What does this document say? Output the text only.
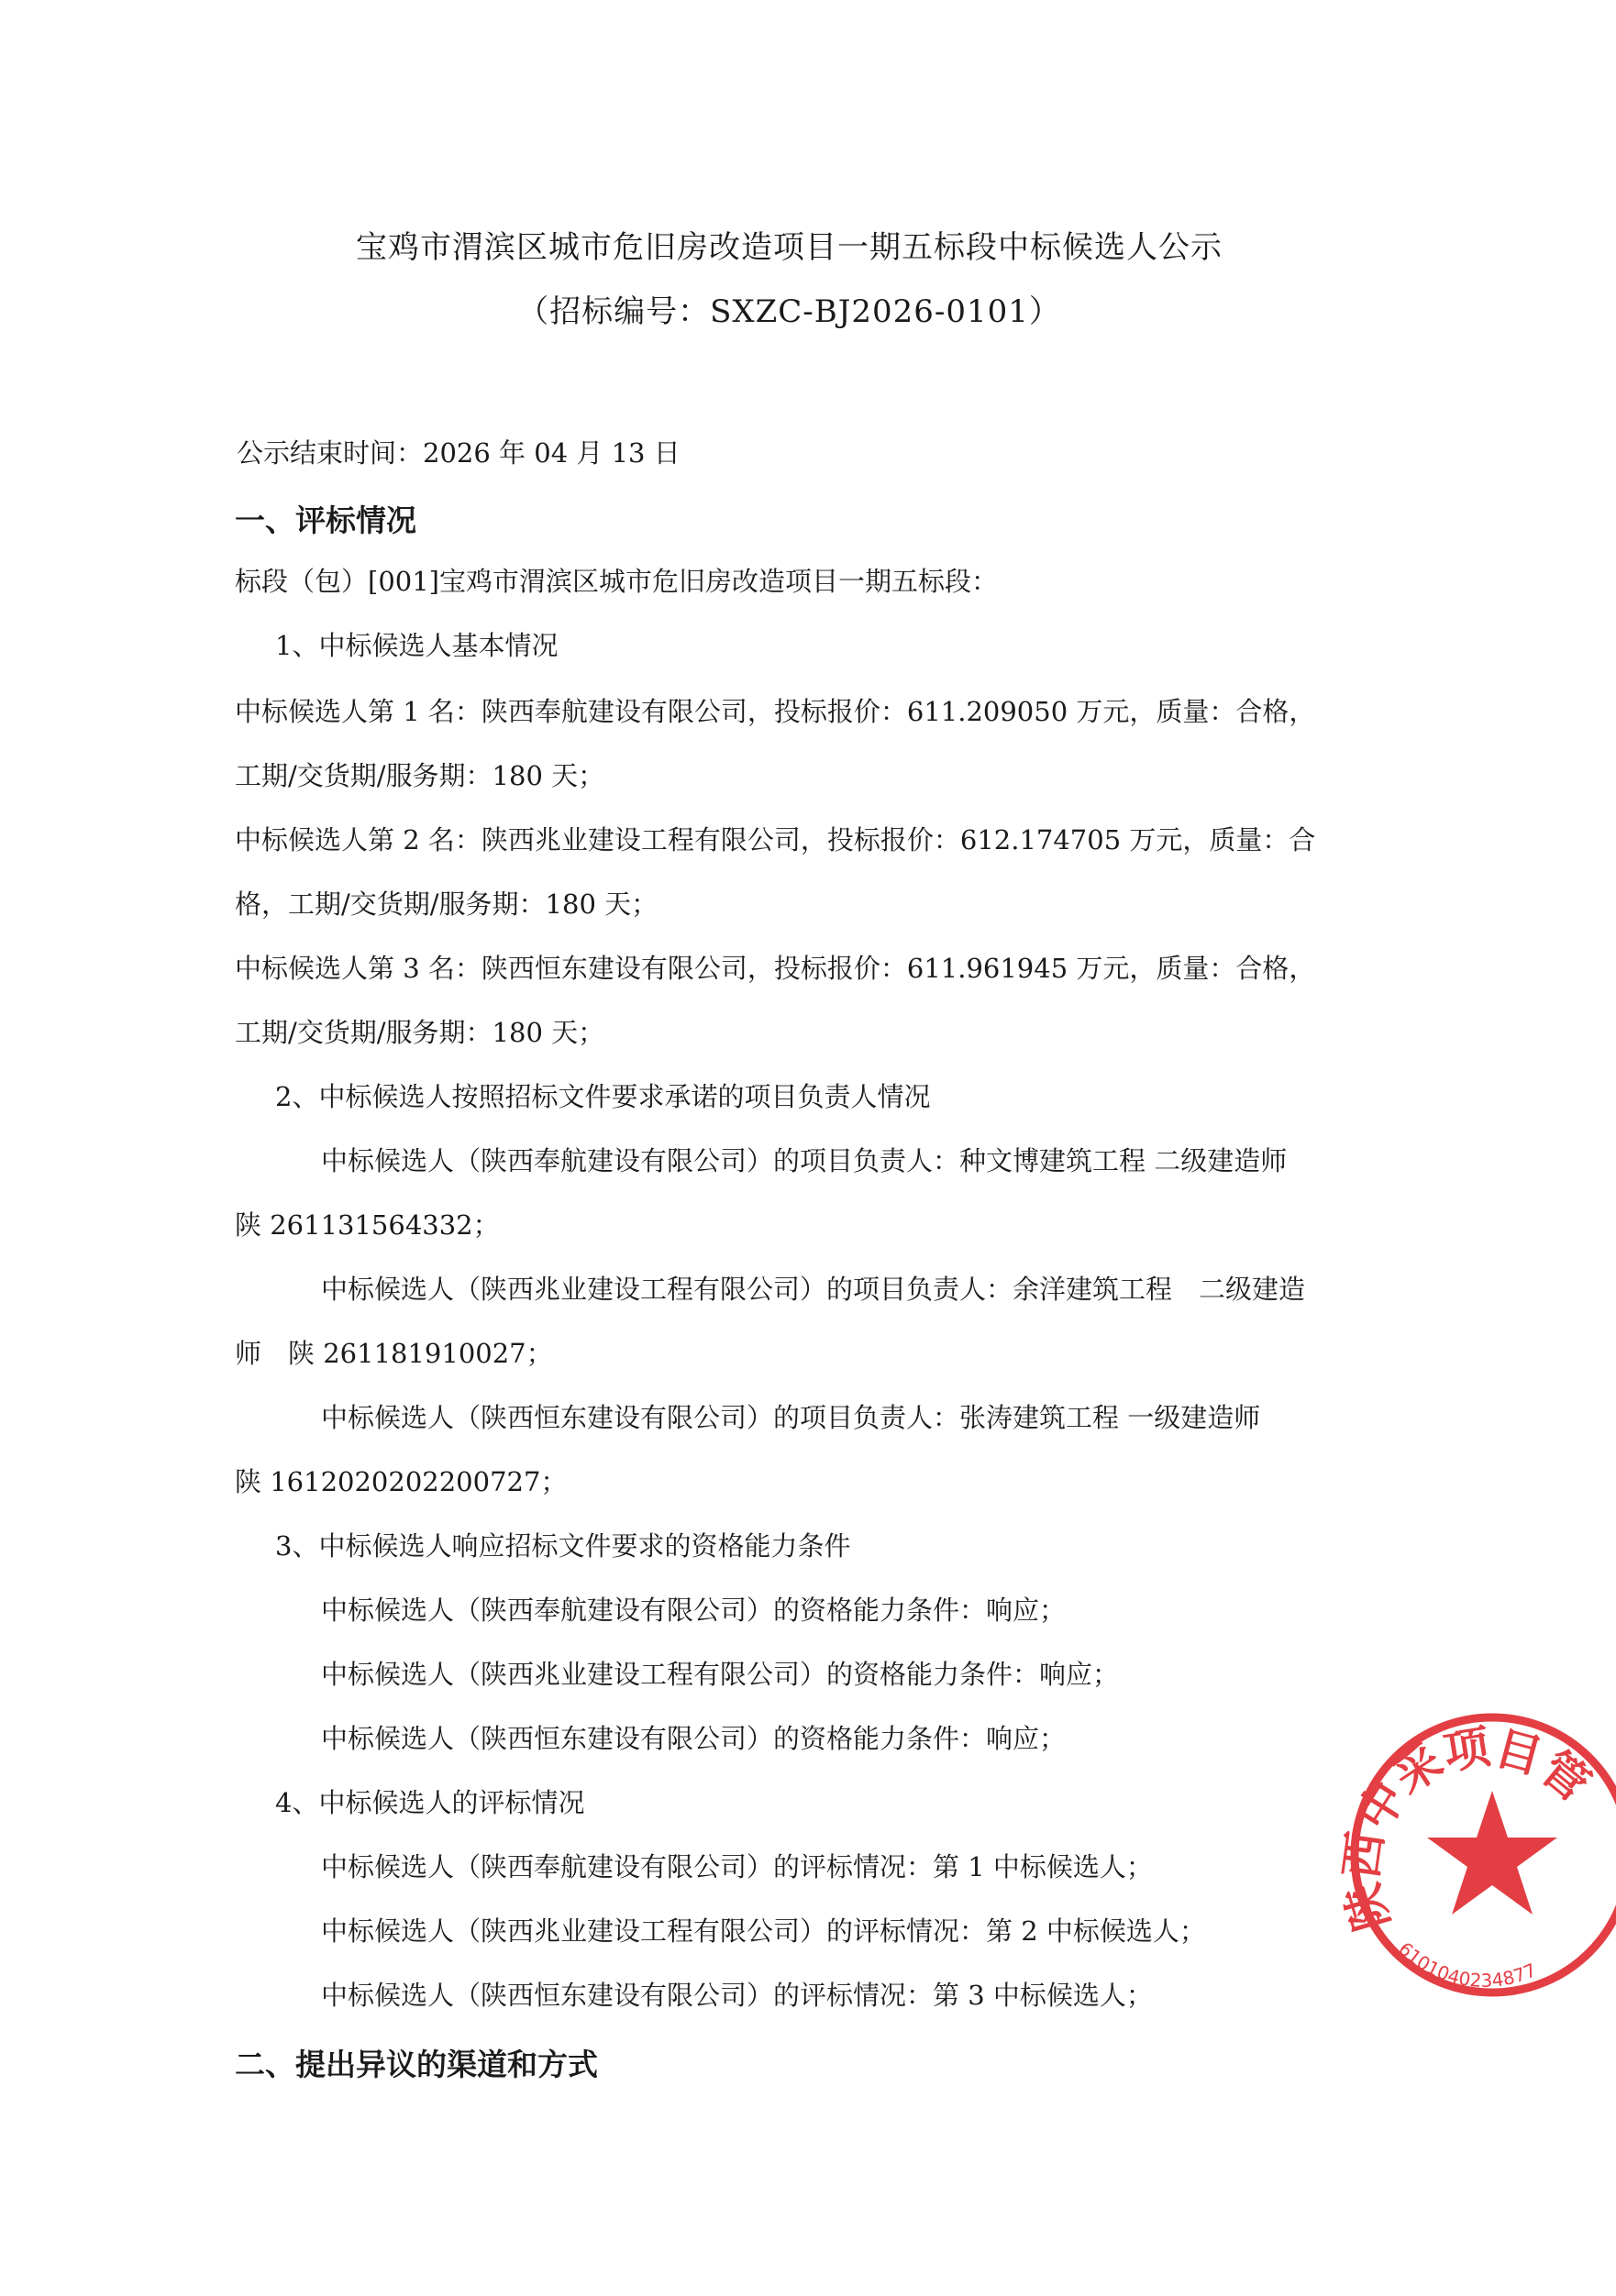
宝鸡市渭滨区城市危旧房改造项目一期五标段中标候选人公示
（招标编号：SXZC-BJ2026-0101）
公示结束时间：2026 年 04 月 13 日
一、评标情况
标段（包）[001]宝鸡市渭滨区城市危旧房改造项目一期五标段：
1、中标候选人基本情况
中标候选人第 1 名：陕西奉航建设有限公司，投标报价：611.209050 万元，质量：合格，
工期/交货期/服务期：180 天；
中标候选人第 2 名：陕西兆业建设工程有限公司，投标报价：612.174705 万元，质量：合
格，工期/交货期/服务期：180 天；
中标候选人第 3 名：陕西恒东建设有限公司，投标报价：611.961945 万元，质量：合格，
工期/交货期/服务期：180 天；
2、中标候选人按照招标文件要求承诺的项目负责人情况
中标候选人（陕西奉航建设有限公司）的项目负责人：种文博建筑工程 二级建造师
陕 261131564332；
中标候选人（陕西兆业建设工程有限公司）的项目负责人：余洋建筑工程　二级建造
师　陕 261181910027；
中标候选人（陕西恒东建设有限公司）的项目负责人：张涛建筑工程 一级建造师
陕 1612020202200727；
3、中标候选人响应招标文件要求的资格能力条件
中标候选人（陕西奉航建设有限公司）的资格能力条件：响应；
中标候选人（陕西兆业建设工程有限公司）的资格能力条件：响应；
中标候选人（陕西恒东建设有限公司）的资格能力条件：响应；
4、中标候选人的评标情况
中标候选人（陕西奉航建设有限公司）的评标情况：第 1 中标候选人；
中标候选人（陕西兆业建设工程有限公司）的评标情况：第 2 中标候选人；
中标候选人（陕西恒东建设有限公司）的评标情况：第 3 中标候选人；
二、提出异议的渠道和方式
陕西中采项目管
6101040234877
